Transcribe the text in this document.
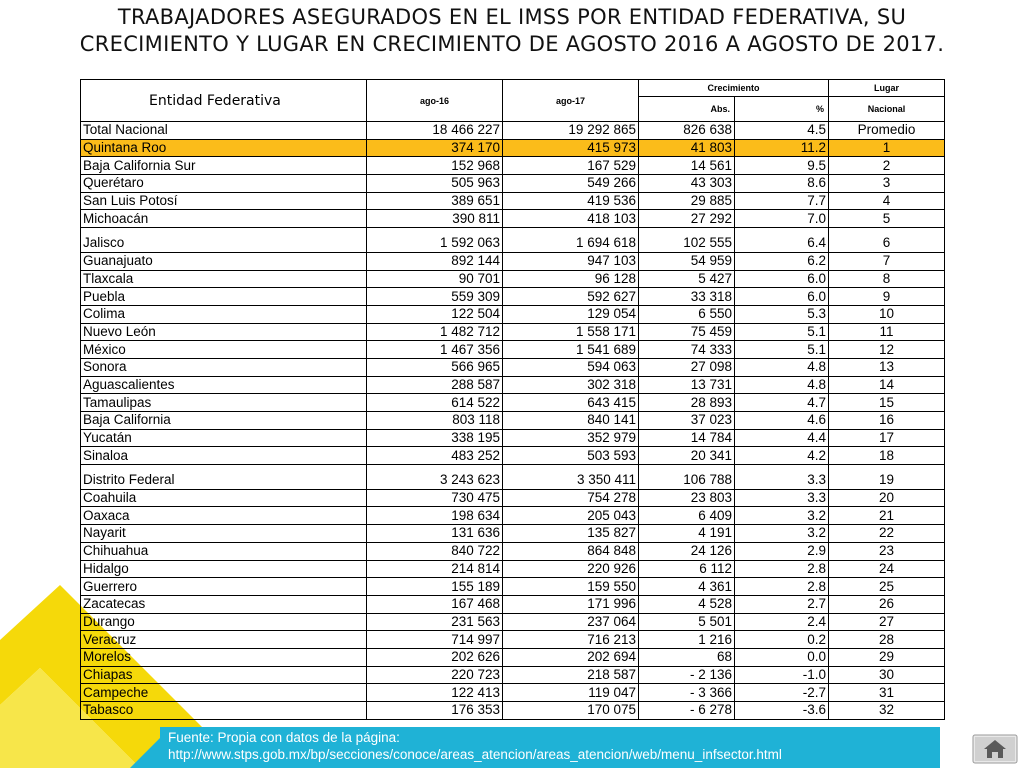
TRABAJADORES ASEGURADOS EN EL IMSS POR ENTIDAD FEDERATIVA, SU
CRECIMIENTO Y LUGAR EN CRECIMIENTO DE AGOSTO 2016 A AGOSTO DE 2017.
Entidad Federativa	ago-16	ago-17	Crecimiento		Lugar
			Abs.	%	Nacional
Total Nacional	18 466 227	19 292 865	826 638	4.5	Promedio
Quintana Roo	374 170	415 973	41 803	11.2	1
Baja California Sur	152 968	167 529	14 561	9.5	2
Querétaro	505 963	549 266	43 303	8.6	3
San Luis Potosí	389 651	419 536	29 885	7.7	4
Michoacán	390 811	418 103	27 292	7.0	5
Jalisco	1 592 063	1 694 618	102 555	6.4	6
Guanajuato	892 144	947 103	54 959	6.2	7
Tlaxcala	90 701	96 128	5 427	6.0	8
Puebla	559 309	592 627	33 318	6.0	9
Colima	122 504	129 054	6 550	5.3	10
Nuevo León	1 482 712	1 558 171	75 459	5.1	11
México	1 467 356	1 541 689	74 333	5.1	12
Sonora	566 965	594 063	27 098	4.8	13
Aguascalientes	288 587	302 318	13 731	4.8	14
Tamaulipas	614 522	643 415	28 893	4.7	15
Baja California	803 118	840 141	37 023	4.6	16
Yucatán	338 195	352 979	14 784	4.4	17
Sinaloa	483 252	503 593	20 341	4.2	18
Distrito Federal	3 243 623	3 350 411	106 788	3.3	19
Coahuila	730 475	754 278	23 803	3.3	20
Oaxaca	198 634	205 043	6 409	3.2	21
Nayarit	131 636	135 827	4 191	3.2	22
Chihuahua	840 722	864 848	24 126	2.9	23
Hidalgo	214 814	220 926	6 112	2.8	24
Guerrero	155 189	159 550	4 361	2.8	25
Zacatecas	167 468	171 996	4 528	2.7	26
Durango	231 563	237 064	5 501	2.4	27
Veracruz	714 997	716 213	1 216	0.2	28
Morelos	202 626	202 694	68	0.0	29
Chiapas	220 723	218 587	- 2 136	-1.0	30
Campeche	122 413	119 047	- 3 366	-2.7	31
Tabasco	176 353	170 075	- 6 278	-3.6	32
Fuente: Propia con datos de la página:
http://www.stps.gob.mx/bp/secciones/conoce/areas_atencion/areas_atencion/web/menu_infsector.html
